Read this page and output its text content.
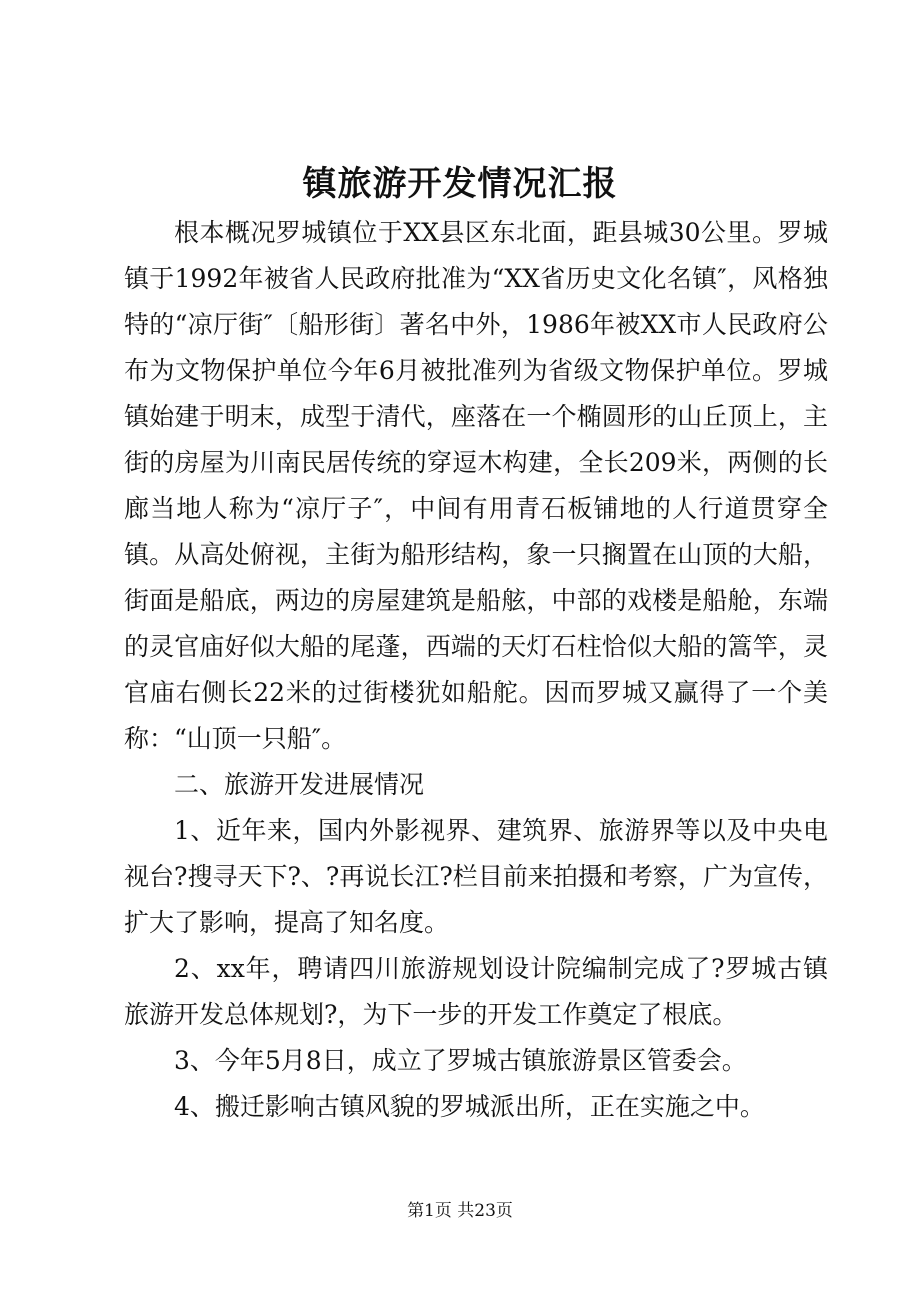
镇旅游开发情况汇报

根本概况罗城镇位于XX县区东北面，距县城30公里。罗城镇于1992年被省人民政府批准为“XX省历史文化名镇″，风格独特的“凉厅街″〔船形街〕著名中外，1986年被XX市人民政府公布为文物保护单位今年6月被批准列为省级文物保护单位。罗城镇始建于明末，成型于清代，座落在一个椭圆形的山丘顶上，主街的房屋为川南民居传统的穿逗木构建，全长209米，两侧的长廊当地人称为“凉厅子″，中间有用青石板铺地的人行道贯穿全镇。从高处俯视，主街为船形结构，象一只搁置在山顶的大船，街面是船底，两边的房屋建筑是船舷，中部的戏楼是船舱，东端的灵官庙好似大船的尾蓬，西端的天灯石柱恰似大船的篙竿，灵官庙右侧长22米的过街楼犹如船舵。因而罗城又赢得了一个美称：“山顶一只船″。

二、旅游开发进展情况

1、近年来，国内外影视界、建筑界、旅游界等以及中央电视台?搜寻天下?、?再说长江?栏目前来拍摄和考察，广为宣传，扩大了影响，提高了知名度。

2、xx年，聘请四川旅游规划设计院编制完成了?罗城古镇旅游开发总体规划?，为下一步的开发工作奠定了根底。

3、今年5月8日，成立了罗城古镇旅游景区管委会。

4、搬迁影响古镇风貌的罗城派出所，正在实施之中。

第1页 共23页
